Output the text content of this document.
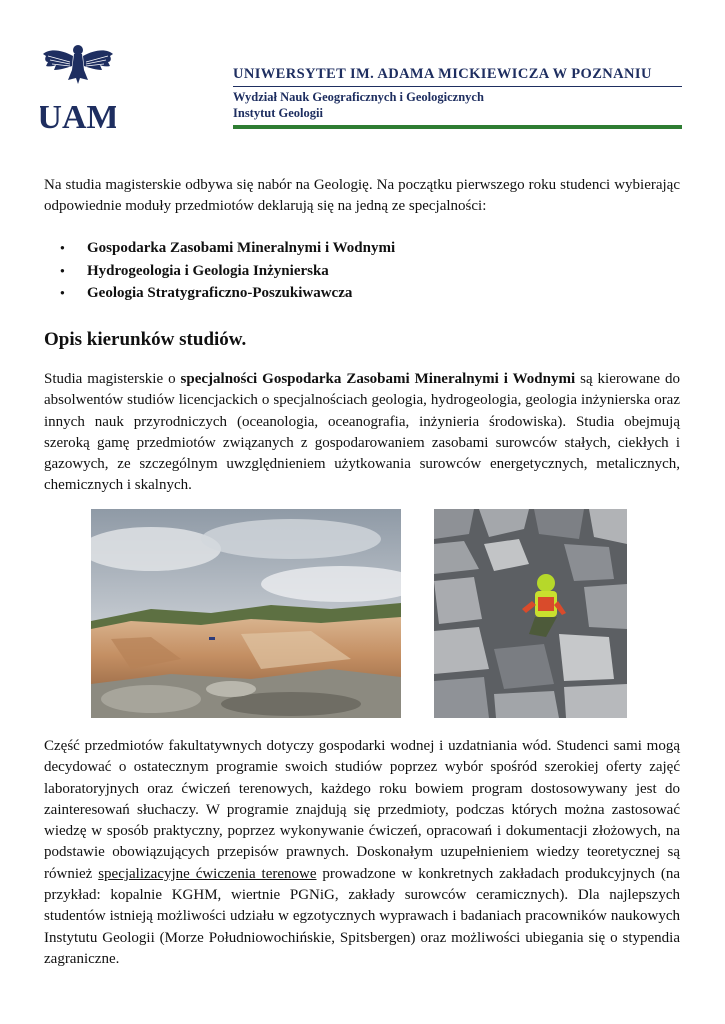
UAM
UNIWERSYTET IM. ADAMA MICKIEWICZA W POZNANIU
Wydział Nauk Geograficznych i Geologicznych
Instytut Geologii

Na studia magisterskie odbywa się nabór na Geologię. Na początku pierwszego roku studenci wybierając odpowiednie moduły przedmiotów deklarują się na jedną ze specjalności:

● Gospodarka Zasobami Mineralnymi i Wodnymi
● Hydrogeologia i Geologia Inżynierska
● Geologia Stratygraficzno-Poszukiwawcza
Opis kierunków studiów.

Studia magisterskie o specjalności Gospodarka Zasobami Mineralnymi i Wodnymi są kierowane do absolwentów studiów licencjackich o specjalnościach geologia, hydrogeologia, geologia inżynierska oraz innych nauk przyrodniczych (oceanologia, oceanografia, inżynieria środowiska). Studia obejmują szeroką gamę przedmiotów związanych z gospodarowaniem zasobami surowców stałych, ciekłych i gazowych, ze szczególnym uwzględnieniem użytkowania surowców energetycznych, metalicznych, chemicznych i skalnych.

Część przedmiotów fakultatywnych dotyczy gospodarki wodnej i uzdatniania wód. Studenci sami mogą decydować o ostatecznym programie swoich studiów poprzez wybór spośród szerokiej oferty zajęć laboratoryjnych oraz ćwiczeń terenowych, każdego roku bowiem program dostosowywany jest do zainteresowań słuchaczy. W programie znajdują się przedmioty, podczas których można zastosować wiedzę w sposób praktyczny, poprzez wykonywanie ćwiczeń, opracowań i dokumentacji złożowych, na podstawie obowiązujących przepisów prawnych. Doskonałym uzupełnieniem wiedzy teoretycznej są również specjalizacyjne ćwiczenia terenowe prowadzone w konkretnych zakładach produkcyjnych (na przykład: kopalnie KGHM, wiertnie PGNiG, zakłady surowców ceramicznych). Dla najlepszych studentów istnieją możliwości udziału w egzotycznych wyprawach i badaniach pracowników naukowych Instytutu Geologii (Morze Południowochińskie, Spitsbergen) oraz możliwości ubiegania się o stypendia zagraniczne.
